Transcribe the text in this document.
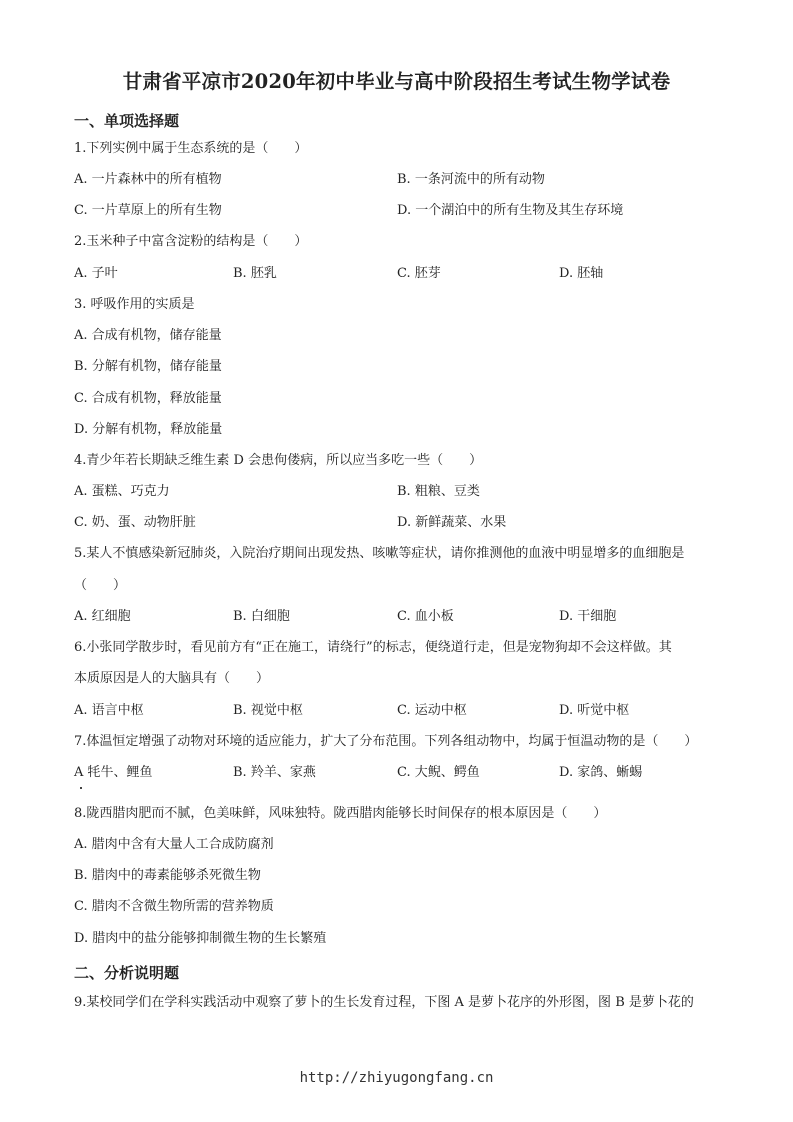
甘肃省平凉市2020年初中毕业与高中阶段招生考试生物学试卷
一、单项选择题
1.下列实例中属于生态系统的是（　　）
A. 一片森林中的所有植物	B. 一条河流中的所有动物
C. 一片草原上的所有生物	D. 一个湖泊中的所有生物及其生存环境
2.玉米种子中富含淀粉的结构是（　　）
A. 子叶	B. 胚乳	C. 胚芽	D. 胚轴
3. 呼吸作用的实质是
A. 合成有机物，储存能量
B. 分解有机物，储存能量
C. 合成有机物，释放能量
D. 分解有机物，释放能量
4.青少年若长期缺乏维生素 D 会患佝偻病，所以应当多吃一些（　　）
A. 蛋糕、巧克力	B. 粗粮、豆类
C. 奶、蛋、动物肝脏	D. 新鲜蔬菜、水果
5.某人不慎感染新冠肺炎，入院治疗期间出现发热、咳嗽等症状，请你推测他的血液中明显增多的血细胞是
（　　）
A. 红细胞	B. 白细胞	C. 血小板	D. 干细胞
6.小张同学散步时，看见前方有“正在施工，请绕行”的标志，便绕道行走，但是宠物狗却不会这样做。其
本质原因是人的大脑具有（　　）
A. 语言中枢	B. 视觉中枢	C. 运动中枢	D. 听觉中枢
7.体温恒定增强了动物对环境的适应能力，扩大了分布范围。下列各组动物中，均属于恒温动物的是（　　）
A 牦牛、鲤鱼	B. 羚羊、家燕	C. 大鲵、鳄鱼	D. 家鸽、蜥蜴
8.陇西腊肉肥而不腻，色美味鲜，风味独特。陇西腊肉能够长时间保存的根本原因是（　　）
A. 腊肉中含有大量人工合成防腐剂
B. 腊肉中的毒素能够杀死微生物
C. 腊肉不含微生物所需的营养物质
D. 腊肉中的盐分能够抑制微生物的生长繁殖
二、分析说明题
9.某校同学们在学科实践活动中观察了萝卜的生长发育过程，下图 A 是萝卜花序的外形图，图 B 是萝卜花的
http://zhiyugongfang.cn
